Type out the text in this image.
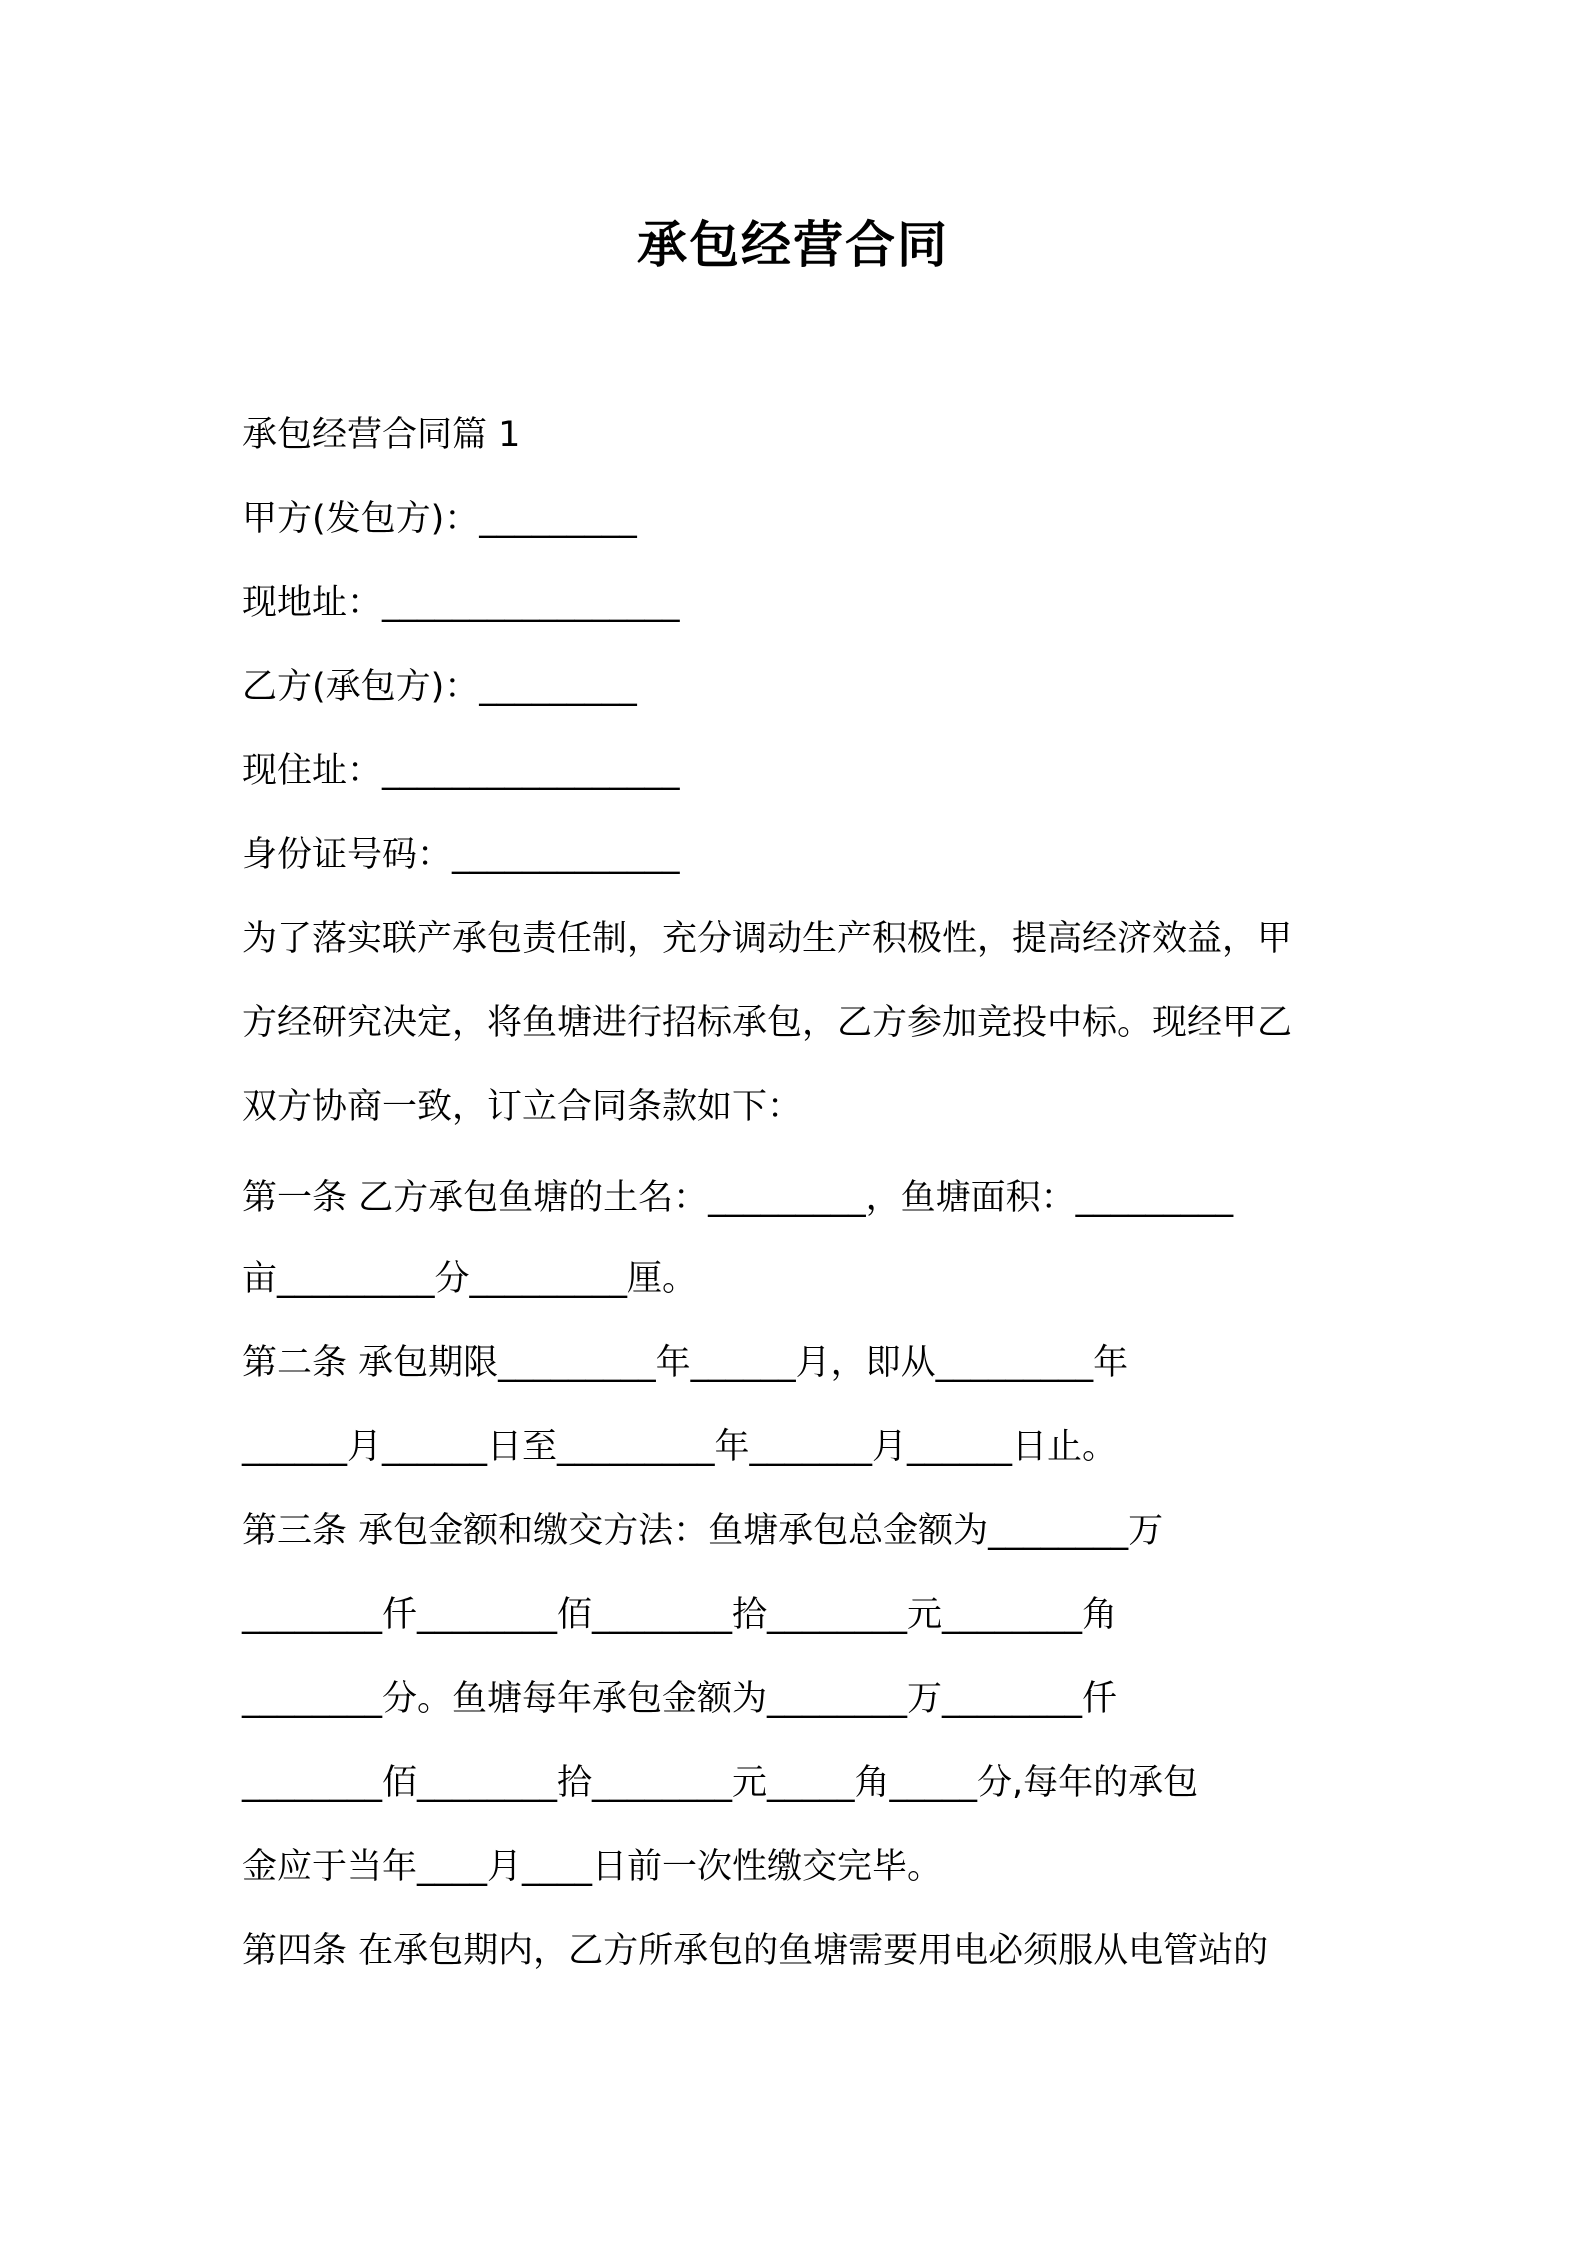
承包经营合同
承包经营合同篇 1
甲方(发包方)：_________
现地址：_________________
乙方(承包方)：_________
现住址：_________________
身份证号码：_____________
为了落实联产承包责任制，充分调动生产积极性，提高经济效益，甲
方经研究决定，将鱼塘进行招标承包，乙方参加竞投中标。现经甲乙
双方协商一致，订立合同条款如下：
第一条 乙方承包鱼塘的土名：_________，鱼塘面积：_________
亩_________分_________厘。
第二条 承包期限_________年______月，即从_________年
______月______日至_________年_______月______日止。
第三条 承包金额和缴交方法：鱼塘承包总金额为________万
________仟________佰________拾________元________角
________分。鱼塘每年承包金额为________万________仟
________佰________拾________元_____角_____分,每年的承包
金应于当年____月____日前一次性缴交完毕。
第四条 在承包期内，乙方所承包的鱼塘需要用电必须服从电管站的
